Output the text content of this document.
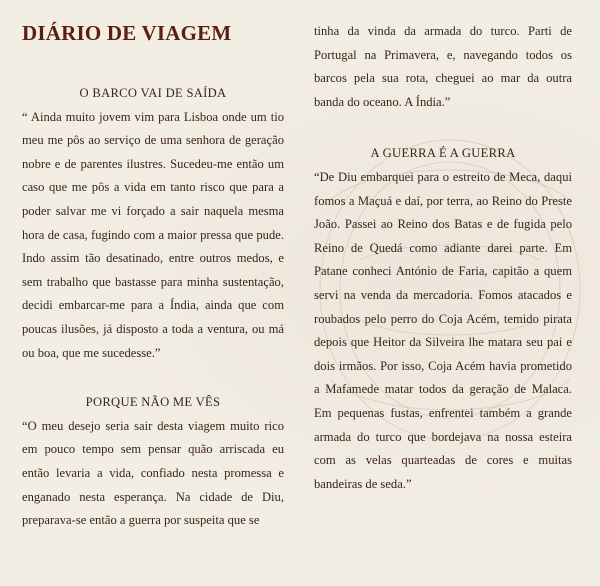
DIÁRIO DE VIAGEM

O BARCO VAI DE SAÍDA

“ Ainda muito jovem vim para Lisboa onde um tio meu me pôs ao serviço de uma senhora de geração nobre e de parentes ilustres. Sucedeu-me então um caso que me pôs a vida em tanto risco que para a poder salvar me vi forçado a sair naquela mesma hora de casa, fugindo com a maior pressa que pude. Indo assim tão desatinado, entre outros medos, e sem trabalho que bastasse para minha sustentação, decidi embarcar-me para a Índia, ainda que com poucas ilusões, já disposto a toda a ventura, ou má ou boa, que me sucedesse.”

PORQUE NÃO ME VÊS

“O meu desejo seria sair desta viagem muito rico em pouco tempo sem pensar quão arriscada eu então levaria a vida, confiado nesta promessa e enganado nesta esperança. Na cidade de Diu, preparava-se então a guerra por suspeita que se

tinha da vinda da armada do turco. Parti de Portugal na Primavera, e, navegando todos os barcos pela sua rota, cheguei ao mar da outra banda do oceano. A Índia.”

A GUERRA É A GUERRA

“De Diu embarquei para o estreito de Meca, daqui fomos a Maçuá e daí, por terra, ao Reino do Preste João. Passei ao Reino dos Batas e de fugida pelo Reino de Quedá como adiante darei parte. Em Patane conheci António de Faria, capitão a quem servi na venda da mercadoria. Fomos atacados e roubados pelo perro do Coja Acém, temido pirata depois que Heitor da Silveira lhe matara seu pai e dois irmãos. Por isso, Coja Acém havia prometido a Mafamede matar todos da geração de Malaca. Em pequenas fustas, enfrentei também a grande armada do turco que bordejava na nossa esteira com as velas quarteadas de cores e muitas bandeiras de seda.”
